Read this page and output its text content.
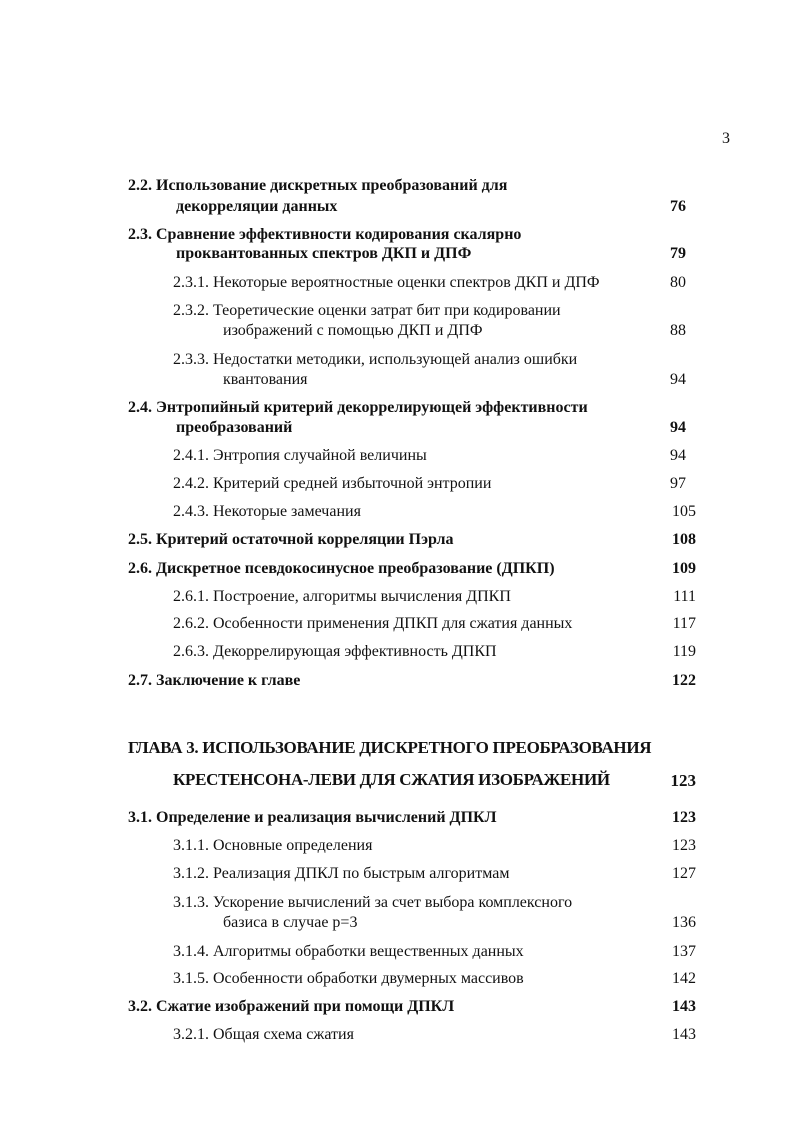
3
2.2. Использование дискретных преобразований для
декорреляции данных	76
2.3. Сравнение эффективности кодирования скалярно
проквантованных спектров ДКП и ДПФ	79
2.3.1. Некоторые вероятностные оценки спектров ДКП и ДПФ	80
2.3.2. Теоретические оценки затрат бит при кодировании
изображений с помощью ДКП и ДПФ	88
2.3.3. Недостатки методики, использующей анализ ошибки
квантования	94
2.4. Энтропийный критерий декоррелирующей эффективности
преобразований	94
2.4.1. Энтропия случайной величины	94
2.4.2. Критерий средней избыточной энтропии	97
2.4.3. Некоторые замечания	105
2.5. Критерий остаточной корреляции Пэрла	108
2.6. Дискретное псевдокосинусное преобразование (ДПКП)	109
2.6.1. Построение, алгоритмы вычисления ДПКП	111
2.6.2. Особенности применения ДПКП для сжатия данных	117
2.6.3. Декоррелирующая эффективность ДПКП	119
2.7. Заключение к главе	122
ГЛАВА 3. ИСПОЛЬЗОВАНИЕ ДИСКРЕТНОГО ПРЕОБРАЗОВАНИЯ
КРЕСТЕНСОНА-ЛЕВИ ДЛЯ СЖАТИЯ ИЗОБРАЖЕНИЙ	123
3.1. Определение и реализация вычислений ДПКЛ	123
3.1.1. Основные определения	123
3.1.2. Реализация ДПКЛ по быстрым алгоритмам	127
3.1.3. Ускорение вычислений за счет выбора комплексного
базиса в случае p=3	136
3.1.4. Алгоритмы обработки вещественных данных	137
3.1.5. Особенности обработки двумерных массивов	142
3.2. Сжатие изображений при помощи ДПКЛ	143
3.2.1. Общая схема сжатия	143
